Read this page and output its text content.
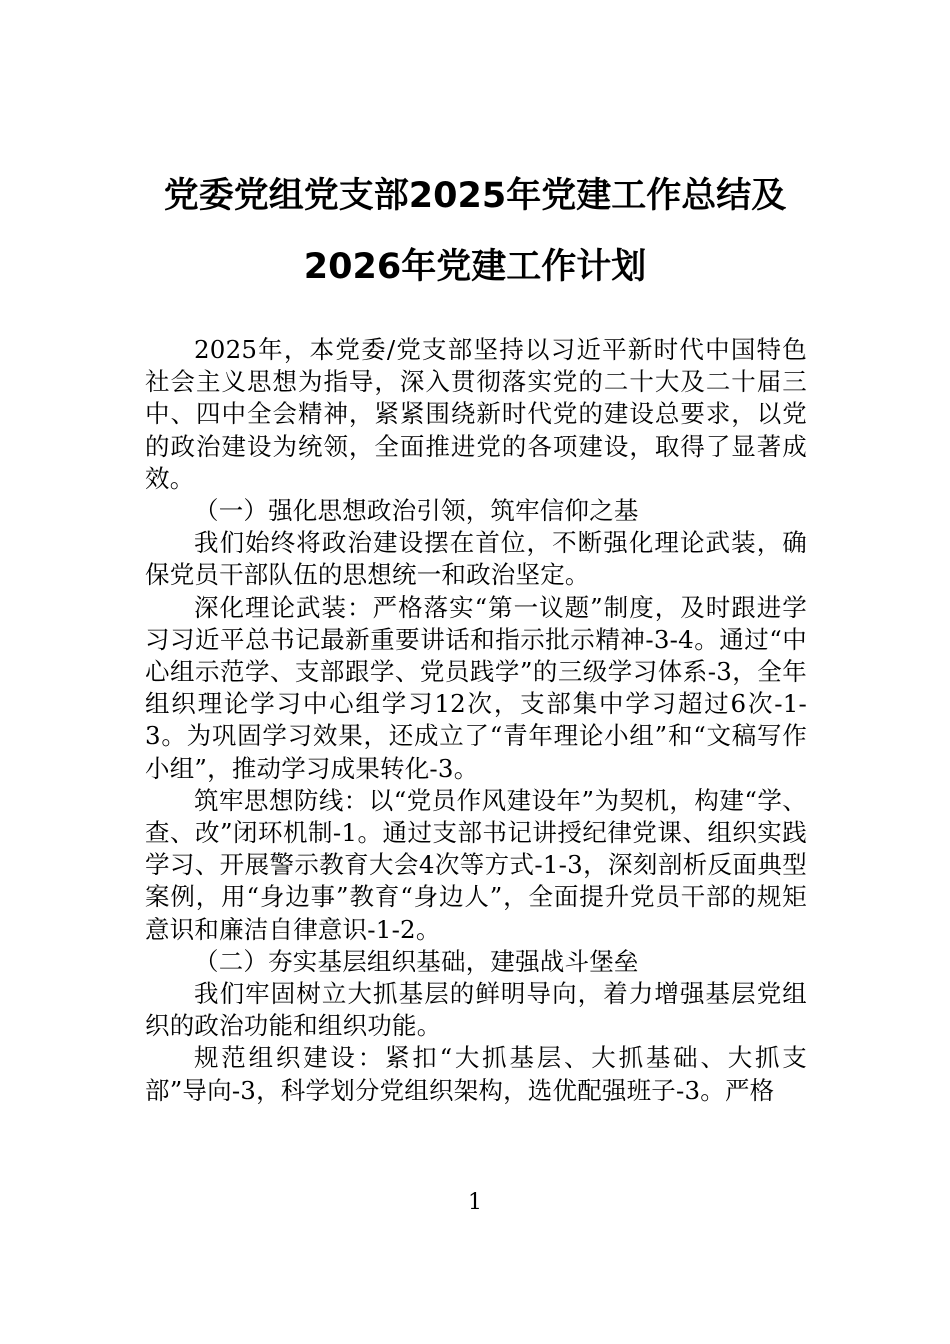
党委党组党支部2025年党建工作总结及
2026年党建工作计划

2025年，本党委/党支部坚持以习近平新时代中国特色社会主义思想为指导，深入贯彻落实党的二十大及二十届三中、四中全会精神，紧紧围绕新时代党的建设总要求，以党的政治建设为统领，全面推进党的各项建设，取得了显著成效。

（一）强化思想政治引领，筑牢信仰之基

我们始终将政治建设摆在首位，不断强化理论武装，确保党员干部队伍的思想统一和政治坚定。

深化理论武装：严格落实“第一议题”制度，及时跟进学习习近平总书记最新重要讲话和指示批示精神-3-4。通过“中心组示范学、支部跟学、党员践学”的三级学习体系-3，全年组织理论学习中心组学习12次，支部集中学习超过6次-1-3。为巩固学习效果，还成立了“青年理论小组”和“文稿写作小组”，推动学习成果转化-3。

筑牢思想防线：以“党员作风建设年”为契机，构建“学、查、改”闭环机制-1。通过支部书记讲授纪律党课、组织实践学习、开展警示教育大会4次等方式-1-3，深刻剖析反面典型案例，用“身边事”教育“身边人”，全面提升党员干部的规矩意识和廉洁自律意识-1-2。

（二）夯实基层组织基础，建强战斗堡垒

我们牢固树立大抓基层的鲜明导向，着力增强基层党组织的政治功能和组织功能。

规范组织建设：紧扣“大抓基层、大抓基础、大抓支部”导向-3，科学划分党组织架构，选优配强班子-3。严格

1
